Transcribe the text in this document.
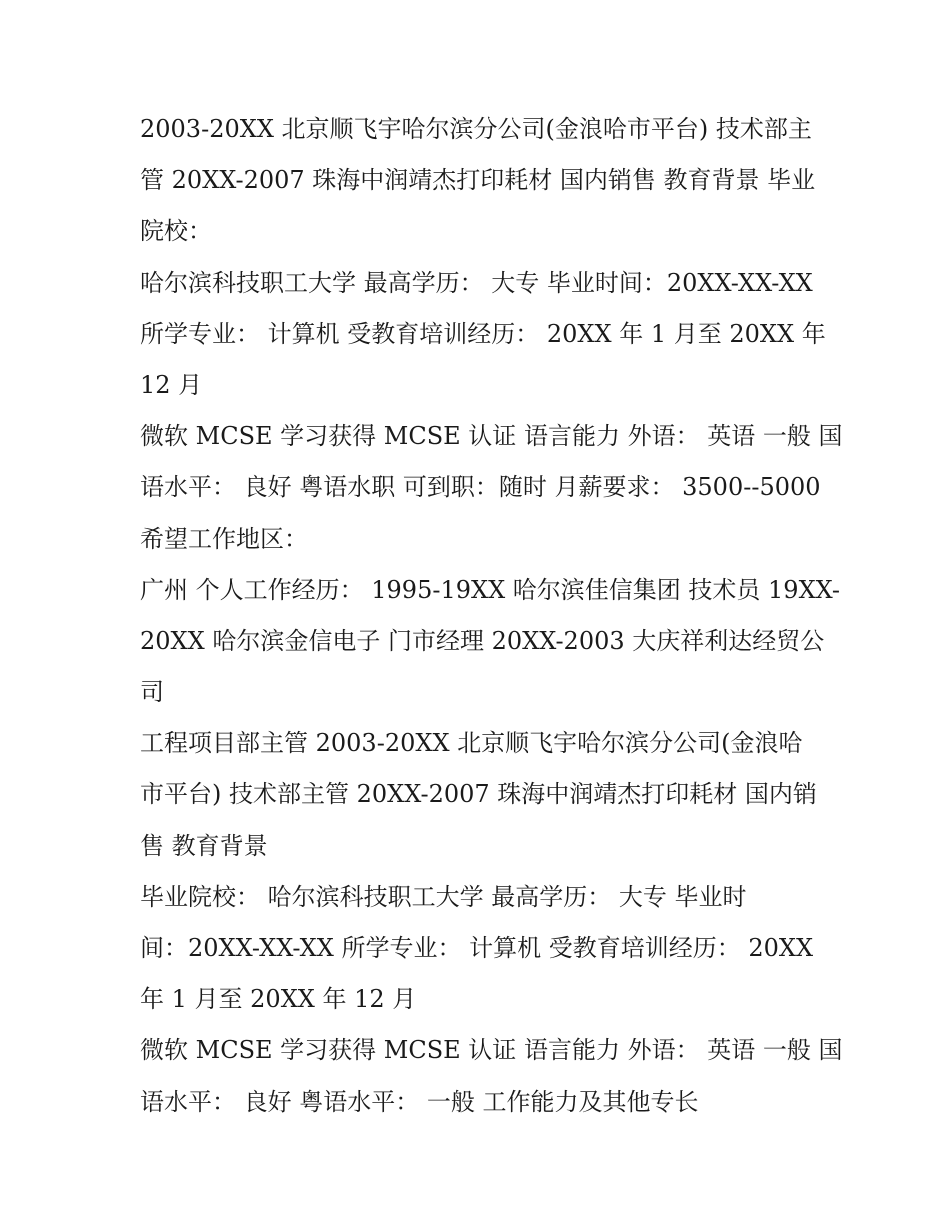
2003-20XX 北京顺飞宇哈尔滨分公司(金浪哈市平台) 技术部主
管 20XX-2007 珠海中润靖杰打印耗材 国内销售 教育背景 毕业
院校：
哈尔滨科技职工大学 最高学历： 大专 毕业时间：20XX-XX-XX
所学专业： 计算机 受教育培训经历： 20XX 年 1 月至 20XX 年
12 月
微软 MCSE 学习获得 MCSE 认证 语言能力 外语： 英语 一般 国
语水平： 良好 粤语水职 可到职：随时 月薪要求： 3500--5000
希望工作地区：
广州 个人工作经历： 1995-19XX 哈尔滨佳信集团 技术员 19XX-
20XX 哈尔滨金信电子 门市经理 20XX-2003 大庆祥利达经贸公
司
工程项目部主管 2003-20XX 北京顺飞宇哈尔滨分公司(金浪哈
市平台) 技术部主管 20XX-2007 珠海中润靖杰打印耗材 国内销
售 教育背景
毕业院校： 哈尔滨科技职工大学 最高学历： 大专 毕业时
间：20XX-XX-XX 所学专业： 计算机 受教育培训经历： 20XX
年 1 月至 20XX 年 12 月
微软 MCSE 学习获得 MCSE 认证 语言能力 外语： 英语 一般 国
语水平： 良好 粤语水平： 一般 工作能力及其他专长
